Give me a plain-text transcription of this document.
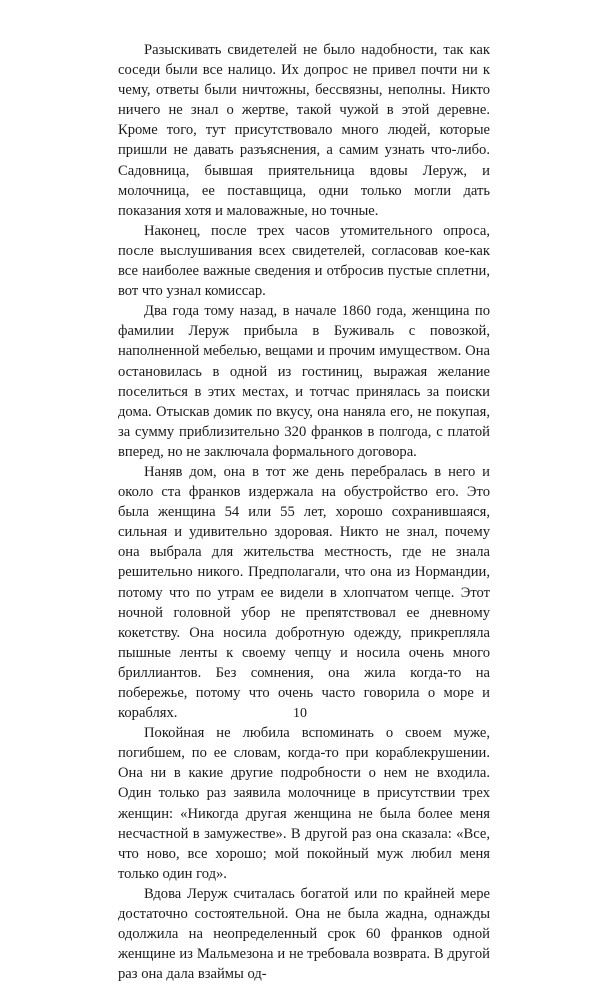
Разыскивать свидетелей не было надобности, так как соседи были все налицо. Их допрос не привел почти ни к чему, ответы были ничтожны, бессвязны, неполны. Никто ничего не знал о жертве, такой чужой в этой деревне. Кроме того, тут присутствовало много людей, которые пришли не давать разъяснения, а самим узнать что-либо. Садовница, бывшая приятельница вдовы Леруж, и молочница, ее поставщица, одни только могли дать показания хотя и маловажные, но точные.

Наконец, после трех часов утомительного опроса, после выслушивания всех свидетелей, согласовав кое-как все наиболее важные сведения и отбросив пустые сплетни, вот что узнал комиссар.

Два года тому назад, в начале 1860 года, женщина по фамилии Леруж прибыла в Буживаль с повозкой, наполненной мебелью, вещами и прочим имуществом. Она остановилась в одной из гостиниц, выражая желание поселиться в этих местах, и тотчас принялась за поиски дома. Отыскав домик по вкусу, она наняла его, не покупая, за сумму приблизительно 320 франков в полгода, с платой вперед, но не заключала формального договора.

Наняв дом, она в тот же день перебралась в него и около ста франков издержала на обустройство его. Это была женщина 54 или 55 лет, хорошо сохранившаяся, сильная и удивительно здоровая. Никто не знал, почему она выбрала для жительства местность, где не знала решительно никого. Предполагали, что она из Нормандии, потому что по утрам ее видели в хлопчатом чепце. Этот ночной головной убор не препятствовал ее дневному кокетству. Она носила добротную одежду, прикрепляла пышные ленты к своему чепцу и носила очень много бриллиантов. Без сомнения, она жила когда-то на побережье, потому что очень часто говорила о море и кораблях.

Покойная не любила вспоминать о своем муже, погибшем, по ее словам, когда-то при кораблекрушении. Она ни в какие другие подробности о нем не входила. Один только раз заявила молочнице в присутствии трех женщин: «Никогда другая женщина не была более меня несчастной в замужестве». В другой раз она сказала: «Все, что ново, все хорошо; мой покойный муж любил меня только один год».

Вдова Леруж считалась богатой или по крайней мере достаточно состоятельной. Она не была жадна, однажды одолжила на неопределенный срок 60 франков одной женщине из Мальмезона и не требовала возврата. В другой раз она дала взаймы од-

10
